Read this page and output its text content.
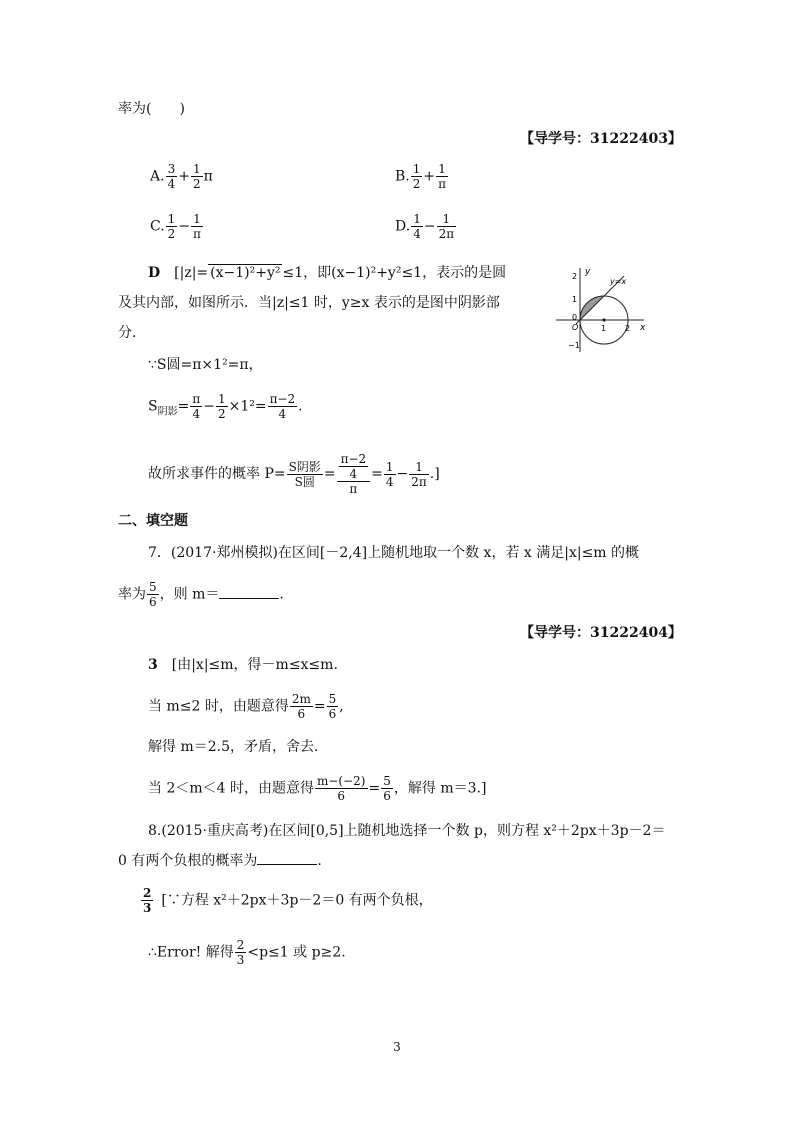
率为(　　)
【导学号：31222403】
A. $\frac{3}{4} + \frac{1}{2}$ π	B. $\frac{1}{2} + \frac{1}{\pi}$
C. $\frac{1}{2} - \frac{1}{\pi}$	D. $\frac{1}{4} - \frac{1}{2\pi}$
D  [|z|= (x−1)²+y² ≤1，即(x−1)²+y²≤1，表示的是圆
及其内部，如图所示．当|z|≤1 时，y≥x 表示的是图中阴影部
分．
∵S圆=π×1²=π，
$S_{阴影}= \frac{\pi}{4} - \frac{1}{2} \times 1^2= \frac{\pi-2}{4}$ .
故所求事件的概率 $P= \frac{\text{S阴影}}{\text{S圆}} = \frac{\frac{\pi-2}{4}}{\pi} = \frac{1}{4} - \frac{1}{2\pi}$ .]
y
x
y=x
2
1
0
O
−1
1 2
二、填空题
7．(2017·郑州模拟)在区间[－2,4]上随机地取一个数 x，若 x 满足|x|≤m 的概
率为 $\frac{5}{6}$ ，则 m＝	.
【导学号：31222404】
3  [由|x|≤m，得－m≤x≤m.
当 m≤2 时，由题意得 $\frac{2m}{6} = \frac{5}{6}$ ,
解得 m＝2.5，矛盾，舍去．
当 2＜m＜4 时，由题意得 $\frac{m-(-2)}{6} = \frac{5}{6}$ ，解得 m＝3.]
8.(2015·重庆高考)在区间[0,5]上随机地选择一个数 p，则方程 x²＋2px＋3p－2＝
0 有两个负根的概率为	.
$\frac{2}{3}$
  [∵方程 x²＋2px＋3p－2＝0 有两个负根，
∴Error! 解得 $\frac{2}{3} <p\le 1$ 或 p≥2.
3
